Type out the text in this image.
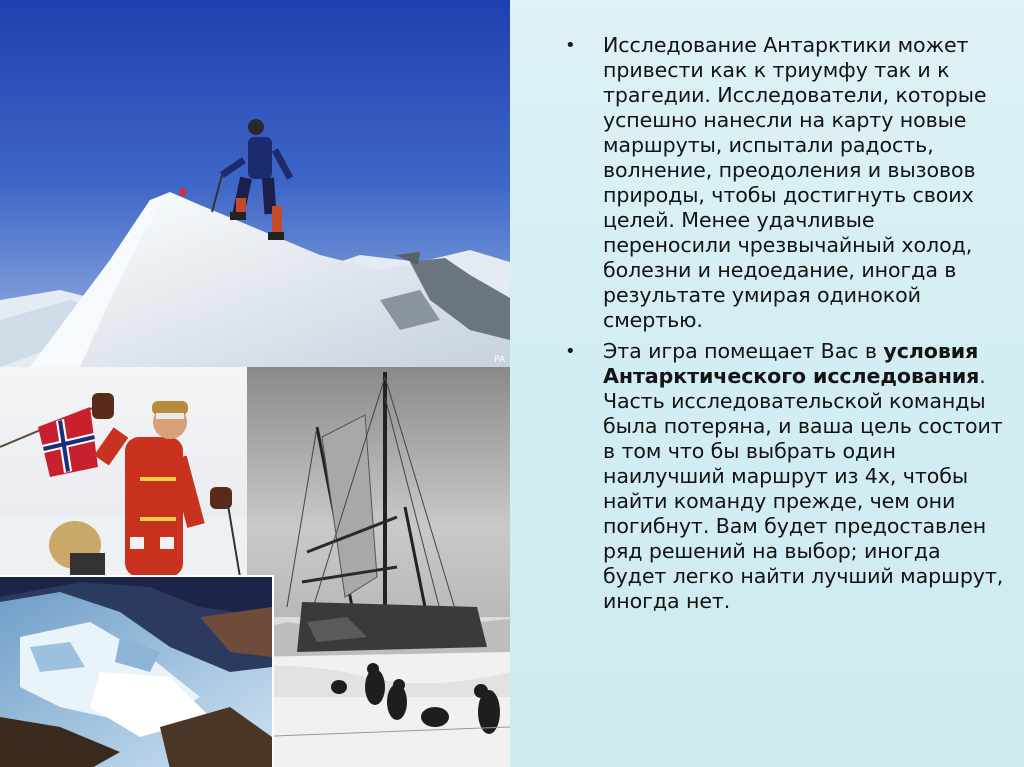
PA
• Исследование Антарктики может привести как к триумфу так и к трагедии. Исследователи, которые успешно нанесли на карту новые маршруты, испытали радость, волнение, преодоления и вызовов природы, чтобы достигнуть своих целей. Менее удачливые переносили чрезвычайный холод, болезни и недоедание, иногда в результате умирая одинокой смертью.

• Эта игра помещает Вас в условия Антарктического исследования. Часть исследовательской команды была потеряна, и ваша цель состоит в том что бы выбрать один наилучший маршрут из 4х, чтобы найти команду прежде, чем они погибнут. Вам будет предоставлен ряд решений на выбор; иногда будет легко найти лучший маршрут, иногда нет.
